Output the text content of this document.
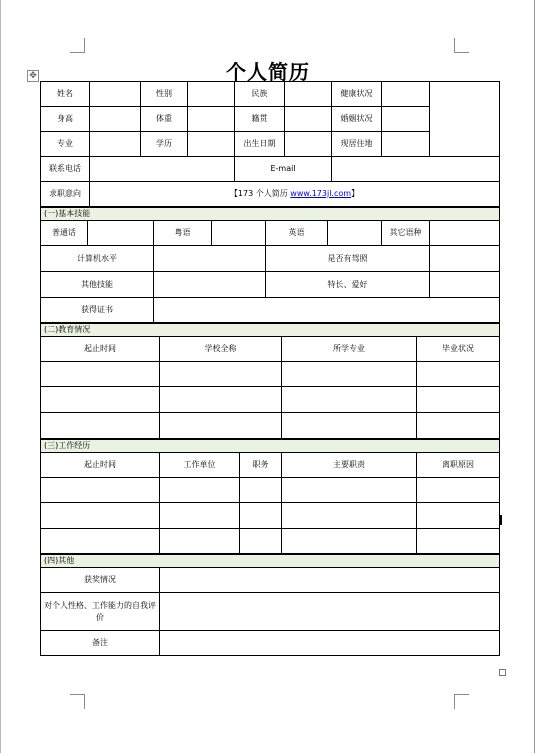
个人简历
✥
姓名		性别		民族		健康状况		
身高		体重		籍贯		婚姻状况		
专业		学历		出生日期		现居住地		
联系电话				E-mail				
求职意向	【173 个人简历 www.173jl.com】							
(一)基本技能							
普通话		粤语		英语		其它语种	
计算机水平				是否有驾照			
其他技能				特长、爱好			
获得证书							
(二)教育情况			
起止时间	学校全称	所学专业	毕业状况

(三)工作经历				
起止时间	工作单位	职务	主要职责	离职原因

(四)其他	
获奖情况	
对个人性格、工作能力的自我评价	
备注	
